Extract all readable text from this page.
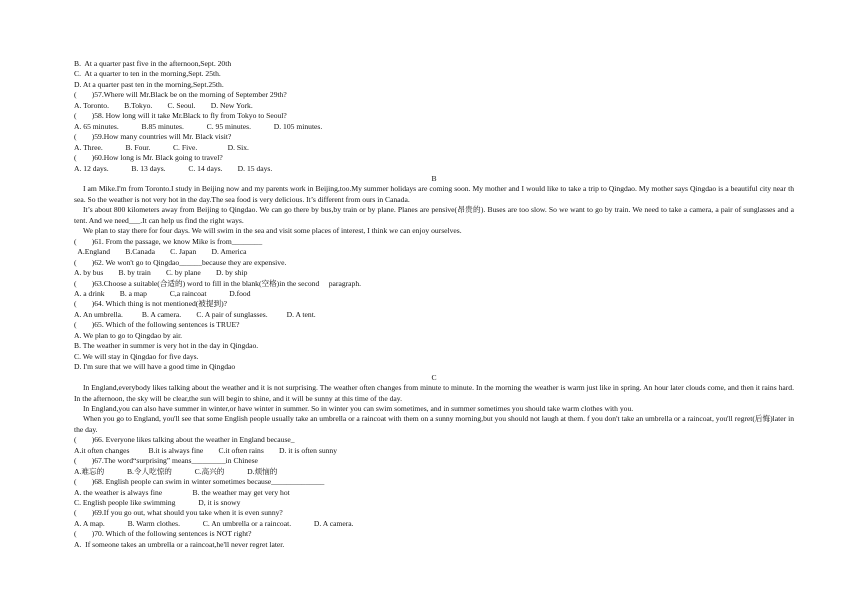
B.  At a quarter past five in the afternoon,Sept. 20th
C.  At a quarter to ten in the morning,Sept. 25th.
D. At a quarter past ten in the morning,Sept.25th.
(        )57.Where will Mr.Black be on the morning of September 29th?
A. Toronto.        B.Tokyo.        C. Seoul.        D. New York.
(        )58. How long will it take Mr.Black to fly from Tokyo to Seoul?
A. 65 minutes.            B.85 minutes.            C. 95 minutes.            D. 105 minutes.
(        )59.How many countries will Mr. Black visit?
A. Three.            B. Four.            C. Five.                D. Six.
(        )60.How long is Mr. Black going to travel?
A. 12 days.            B. 13 days.            C. 14 days.        D. 15 days.
B
I am Mike.I'm from Toronto.I study in Beijing now and my parents work in Beijing,too.My summer holidays are coming soon. My mother and I would like to take a trip to Qingdao. My mother says Qingdao is a beautiful city near th sea. So the weather is not very hot in the day.The sea food is very delicious. It’s different from ours in Canada.
It’s about 800 kilometers away from Beijing to Qingdao. We can go there by bus,by train or by plane. Planes are pensive(昂贵的). Buses are too slow. So we want to go by train. We need to take a camera, a pair of sunglasses and a tent. And we need___.It can help us find the right ways.
We plan to stay there for four days. We will swim in the sea and visit some places of interest, I think we can enjoy ourselves.
(        )61. From the passage, we know Mike is from________
A.England        B.Canada        C. Japan        D. America
(        )62. We won't go to Qingdao______because they are expensive.
A. by bus        B. by train        C. by plane        D. by ship
(        )63.Choose a suitable(合适的) word to fill in the blank(空格)in the second     paragraph.
A. a drink        B. a map            C,a raincoat            D.food
(        )64. Which thing is not mentioned(被提到)?
A. An umbrella.          B. A camera.        C. A pair of sunglasses.          D. A tent.
(        )65. Which of the following sentences is TRUE?
A. We plan to go to Qingdao by air.
B. The weather in summer is very hot in the day in Qingdao.
C. We will stay in Qingdao for five days.
D. I'm sure that we will have a good time in Qingdao
C
In England,everybody likes talking about the weather and it is not surprising. The weather often changes from minute to minute. In the morning the weather is warm just like in spring. An hour later clouds come, and then it rains hard. In the afternoon, the sky will be clear,the sun will begin to shine, and it will be sunny at this time of the day.
In England,you can also have summer in winter,or have winter in summer. So in winter you can swim sometimes, and in summer sometimes you should take warm clothes with you.
When you go to England, you'll see that some English people usually take an umbrella or a raincoat with them on a sunny morning,but you should not laugh at them. f you don't take an umbrella or a raincoat, you'll regret(后悔)later in the day.
(        )66. Everyone likes talking about the weather in England because_
A.it often changes          B.it is always fine        C.it often rains        D. it is often sunny
(        )67.The word“surprising” means_________in Chinese
A.难忘的            B.令人吃惊的            C.高兴的            D.烦恼的
(        )68. English people can swim in winter sometimes because______________
A. the weather is always fine                B. the weather may get very hot
C. English people like swimming            D, it is snowy
(        )69.If you go out, what should you take when it is even sunny?
A. A map.            B. Warm clothes.            C. An umbrella or a raincoat.            D. A camera.
(        )70. Which of the following sentences is NOT right?
A.  If someone takes an umbrella or a raincoat,he'll never regret later.
